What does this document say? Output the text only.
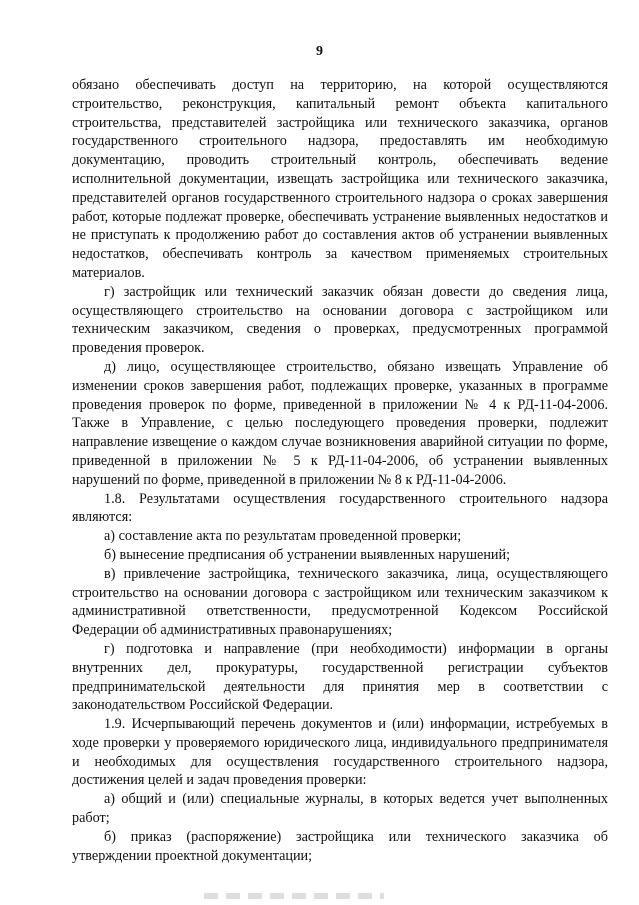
9

обязано обеспечивать доступ на территорию, на которой осуществляются строительство, реконструкция, капитальный ремонт объекта капитального строительства, представителей застройщика или технического заказчика, органов государственного строительного надзора, предоставлять им необходимую документацию, проводить строительный контроль, обеспечивать ведение исполнительной документации, извещать застройщика или технического заказчика, представителей органов государственного строительного надзора о сроках завершения работ, которые подлежат проверке, обеспечивать устранение выявленных недостатков и не приступать к продолжению работ до составления актов об устранении выявленных недостатков, обеспечивать контроль за качеством применяемых строительных материалов.

г) застройщик или технический заказчик обязан довести до сведения лица, осуществляющего строительство на основании договора с застройщиком или техническим заказчиком, сведения о проверках, предусмотренных программой проведения проверок.

д) лицо, осуществляющее строительство, обязано извещать Управление об изменении сроков завершения работ, подлежащих проверке, указанных в программе проведения проверок по форме, приведенной в приложении № 4 к РД-11-04-2006. Также в Управление, с целью последующего проведения проверки, подлежит направление извещение о каждом случае возникновения аварийной ситуации по форме, приведенной в приложении № 5 к РД-11-04-2006, об устранении выявленных нарушений по форме, приведенной в приложении № 8 к РД-11-04-2006.

1.8. Результатами осуществления государственного строительного надзора являются:

а) составление акта по результатам проведенной проверки;

б) вынесение предписания об устранении выявленных нарушений;

в) привлечение застройщика, технического заказчика, лица, осуществляющего строительство на основании договора с застройщиком или техническим заказчиком к административной ответственности, предусмотренной Кодексом Российской Федерации об административных правонарушениях;

г) подготовка и направление (при необходимости) информации в органы внутренних дел, прокуратуры, государственной регистрации субъектов предпринимательской деятельности для принятия мер в соответствии с законодательством Российской Федерации.

1.9. Исчерпывающий перечень документов и (или) информации, истребуемых в ходе проверки у проверяемого юридического лица, индивидуального предпринимателя и необходимых для осуществления государственного строительного надзора, достижения целей и задач проведения проверки:

а) общий и (или) специальные журналы, в которых ведется учет выполненных работ;

б) приказ (распоряжение) застройщика или технического заказчика об утверждении проектной документации;
